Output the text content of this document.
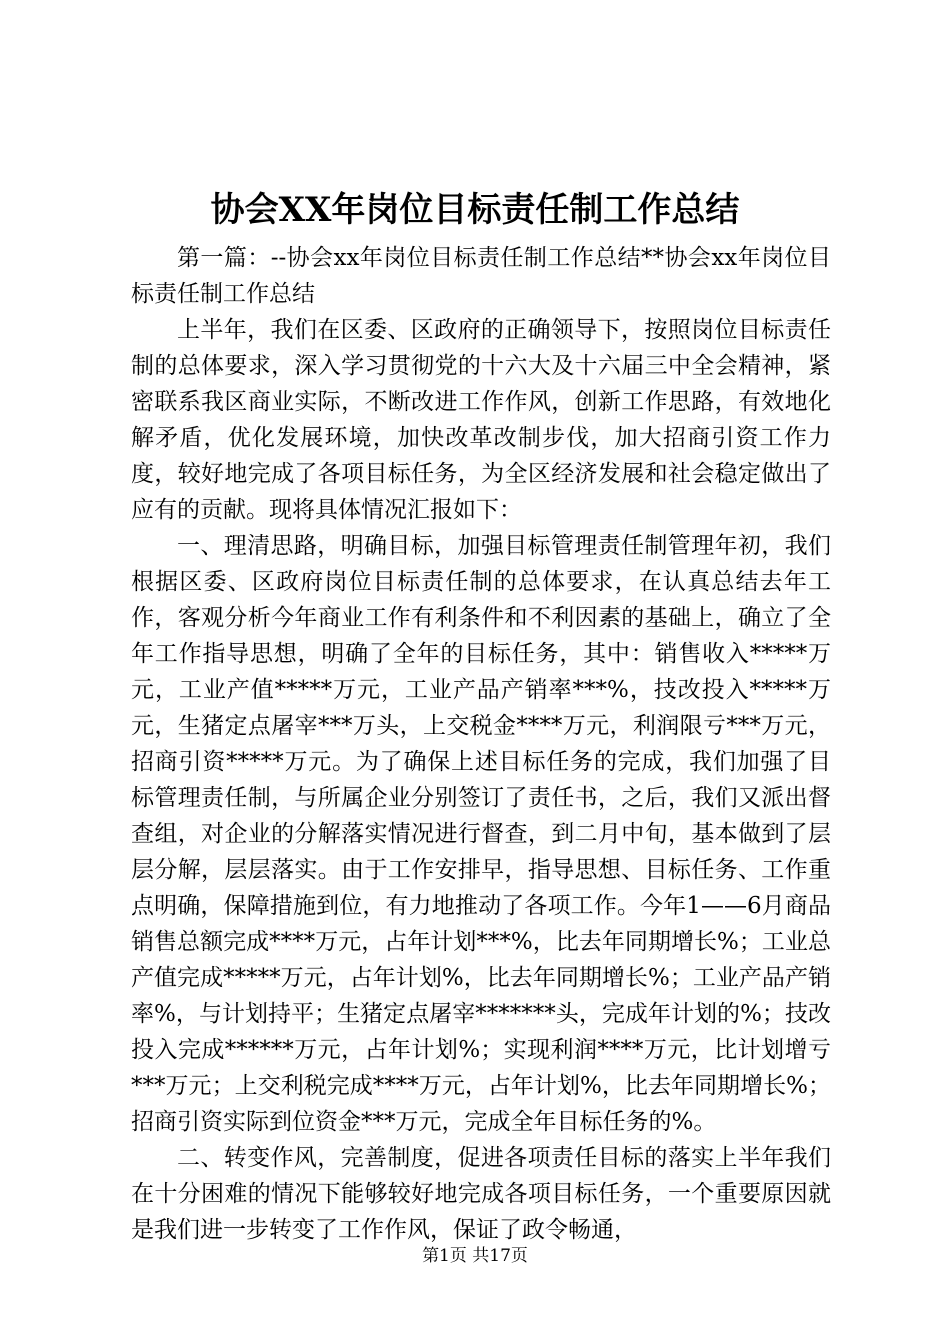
协会XX年岗位目标责任制工作总结

第一篇：--协会xx年岗位目标责任制工作总结**协会xx年岗位目标责任制工作总结

上半年，我们在区委、区政府的正确领导下，按照岗位目标责任制的总体要求，深入学习贯彻党的十六大及十六届三中全会精神，紧密联系我区商业实际，不断改进工作作风，创新工作思路，有效地化解矛盾，优化发展环境，加快改革改制步伐，加大招商引资工作力度，较好地完成了各项目标任务，为全区经济发展和社会稳定做出了应有的贡献。现将具体情况汇报如下：

一、理清思路，明确目标，加强目标管理责任制管理年初，我们根据区委、区政府岗位目标责任制的总体要求，在认真总结去年工作，客观分析今年商业工作有利条件和不利因素的基础上，确立了全年工作指导思想，明确了全年的目标任务，其中：销售收入*****万元，工业产值*****万元，工业产品产销率***%，技改投入*****万元，生猪定点屠宰***万头，上交税金****万元，利润限亏***万元，招商引资*****万元。为了确保上述目标任务的完成，我们加强了目标管理责任制，与所属企业分别签订了责任书，之后，我们又派出督查组，对企业的分解落实情况进行督查，到二月中旬，基本做到了层层分解，层层落实。由于工作安排早，指导思想、目标任务、工作重点明确，保障措施到位，有力地推动了各项工作。今年1——6月商品销售总额完成****万元，占年计划***%，比去年同期增长%；工业总产值完成*****万元，占年计划%，比去年同期增长%；工业产品产销率%，与计划持平；生猪定点屠宰*******头，完成年计划的%；技改投入完成******万元，占年计划%；实现利润****万元，比计划增亏***万元；上交利税完成****万元，占年计划%，比去年同期增长%；招商引资实际到位资金***万元，完成全年目标任务的%。

二、转变作风，完善制度，促进各项责任目标的落实上半年我们在十分困难的情况下能够较好地完成各项目标任务，一个重要原因就是我们进一步转变了工作作风，保证了政令畅通，

第1页 共17页
